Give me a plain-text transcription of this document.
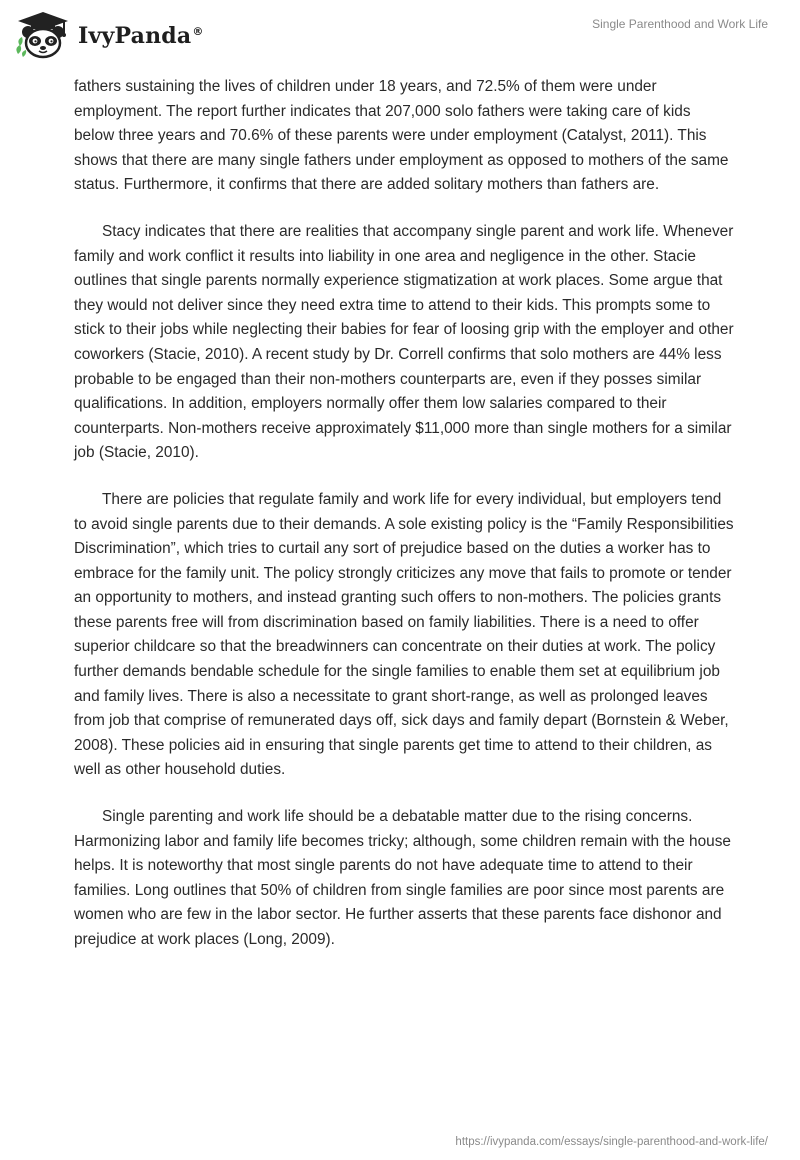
IvyPanda®
Single Parenthood and Work Life

fathers sustaining the lives of children under 18 years, and 72.5% of them were under employment. The report further indicates that 207,000 solo fathers were taking care of kids below three years and 70.6% of these parents were under employment (Catalyst, 2011). This shows that there are many single fathers under employment as opposed to mothers of the same status. Furthermore, it confirms that there are added solitary mothers than fathers are.

Stacy indicates that there are realities that accompany single parent and work life. Whenever family and work conflict it results into liability in one area and negligence in the other. Stacie outlines that single parents normally experience stigmatization at work places. Some argue that they would not deliver since they need extra time to attend to their kids. This prompts some to stick to their jobs while neglecting their babies for fear of loosing grip with the employer and other coworkers (Stacie, 2010). A recent study by Dr. Correll confirms that solo mothers are 44% less probable to be engaged than their non-mothers counterparts are, even if they posses similar qualifications. In addition, employers normally offer them low salaries compared to their counterparts. Non-mothers receive approximately $11,000 more than single mothers for a similar job (Stacie, 2010).

There are policies that regulate family and work life for every individual, but employers tend to avoid single parents due to their demands. A sole existing policy is the “Family Responsibilities Discrimination”, which tries to curtail any sort of prejudice based on the duties a worker has to embrace for the family unit. The policy strongly criticizes any move that fails to promote or tender an opportunity to mothers, and instead granting such offers to non-mothers. The policies grants these parents free will from discrimination based on family liabilities. There is a need to offer superior childcare so that the breadwinners can concentrate on their duties at work. The policy further demands bendable schedule for the single families to enable them set at equilibrium job and family lives. There is also a necessitate to grant short-range, as well as prolonged leaves from job that comprise of remunerated days off, sick days and family depart (Bornstein & Weber, 2008). These policies aid in ensuring that single parents get time to attend to their children, as well as other household duties.

Single parenting and work life should be a debatable matter due to the rising concerns. Harmonizing labor and family life becomes tricky; although, some children remain with the house helps. It is noteworthy that most single parents do not have adequate time to attend to their families. Long outlines that 50% of children from single families are poor since most parents are women who are few in the labor sector. He further asserts that these parents face dishonor and prejudice at work places (Long, 2009).

https://ivypanda.com/essays/single-parenthood-and-work-life/
